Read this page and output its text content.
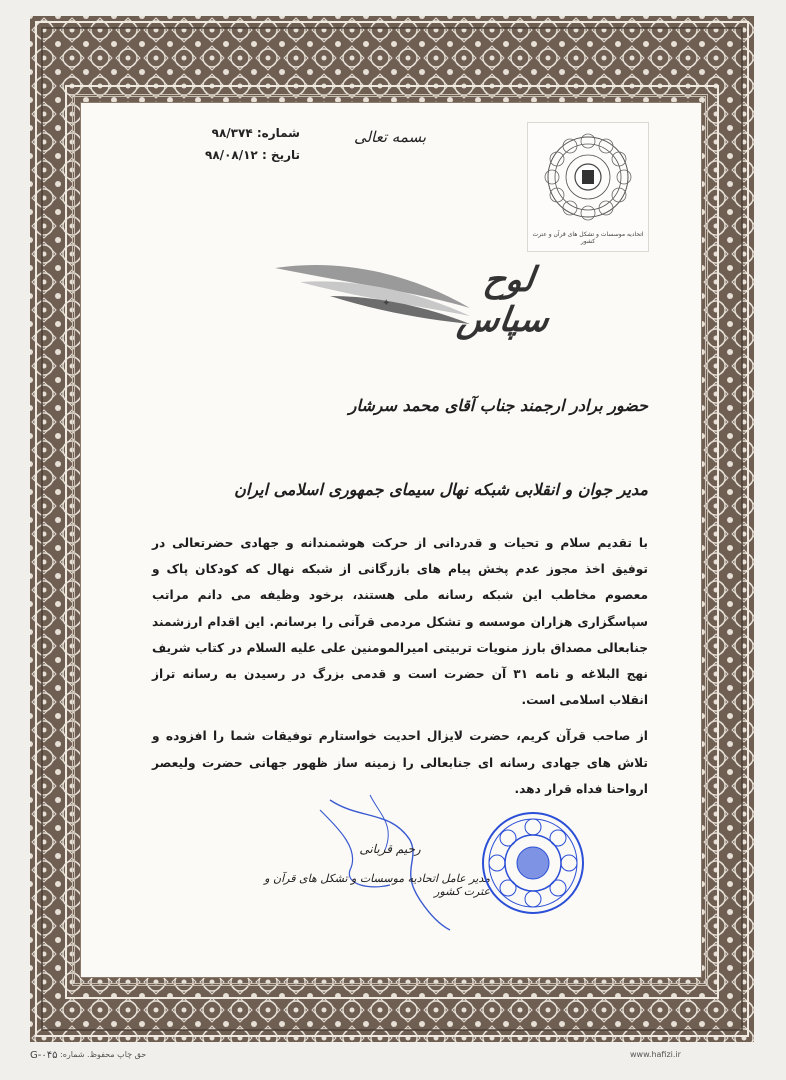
بسمه تعالی
شماره: ۹۸/۳۷۴
تاریخ : ۹۸/۰۸/۱۲
اتحادیه موسسات و تشکل های قرآن و عترت کشور
✦
لوح سپاس
حضور برادر ارجمند جناب آقای محمد سرشار
مدیر جوان و انقلابی شبکه نهال سیمای جمهوری اسلامی ایران

با تقدیم سلام و تحیات و قدردانی از حرکت هوشمندانه و جهادی حضرتعالی در توفیق اخذ مجوز عدم پخش پیام های بازرگانی از شبکه نهال که کودکان پاک و معصوم مخاطب این شبکه رسانه ملی هستند، برخود وظیفه می دانم مراتب سپاسگزاری هزاران موسسه و تشکل مردمی قرآنی را برسانم. این اقدام ارزشمند جنابعالی مصداق بارز منویات تربیتی امیرالمومنین علی علیه السلام در کتاب شریف نهج البلاغه و نامه ۳۱ آن حضرت است و قدمی بزرگ در رسیدن به رسانه تراز انقلاب اسلامی است.

از صاحب قرآن کریم، حضرت لایزال احدیت خواستارم توفیقات شما را افزوده و تلاش های جهادی رسانه ای جنابعالی را زمینه ساز ظهور جهانی حضرت ولیعصر ارواحنا فداه قرار دهد.

رحیم قربانی
مدیر عامل اتحادیه موسسات و تشکل های قرآن و عترت کشور
G-۰۴۵ حق چاپ محفوظ. شماره:	www.hafizi.ir
